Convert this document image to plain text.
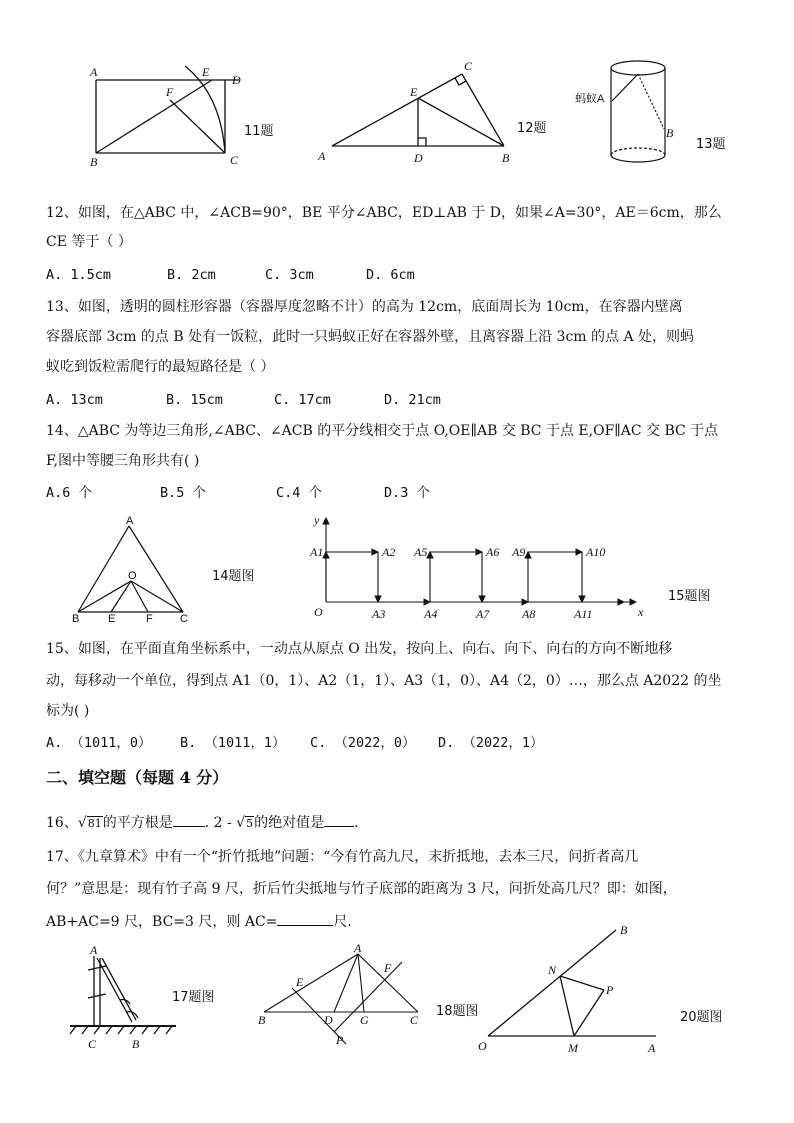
A	E
D
F
B	C
11题
C
E
A	D	B
12题
蚂蚁A
B
13题
12、如图，在△ABC 中，∠ACB=90°，BE 平分∠ABC，ED⊥AB 于 D，如果∠A=30°，AE＝6cm，那么
CE 等于（ ）
A. 1.5cm	B. 2cm	C. 3cm	D. 6cm
13、如图，透明的圆柱形容器（容器厚度忽略不计）的高为 12cm，底面周长为 10cm，在容器内壁离
容器底部 3cm 的点 B 处有一饭粒，此时一只蚂蚁正好在容器外壁，且离容器上沿 3cm 的点 A 处，则蚂
蚁吃到饭粒需爬行的最短路径是（ ）
A. 13cm	B. 15cm	C. 17cm	D. 21cm
14、△ABC 为等边三角形,∠ABC、∠ACB 的平分线相交于点 O,OE∥AB 交 BC 于点 E,OF∥AC 交 BC 于点
F,图中等腰三角形共有( )
A.6 个	B.5 个	C.4 个	D.3 个
A
O
B	E	F C
14题图
y
x
O
A1	A2
A3	A4
A5	A6
A7	A8
A9	A10
A11
15题图
15、如图，在平面直角坐标系中，一动点从原点 O 出发，按向上、向右、向下、向右的方向不断地移
动，每移动一个单位，得到点 A1（0，1）、A2（1，1）、A3（1，0）、A4（2，0）…，那么点 A2022 的坐
标为( )
A. （1011，0） B. （1011，1） C. （2022，0） D. （2022，1）
二、填空题（每题 4 分）
16、√81的平方根是 . 2 - √5的绝对值是 .
17、《九章算术》中有一个“折竹抵地”问题：“今有竹高九尺，末折抵地，去本三尺，问折者高几
何？”意思是：现有竹子高 9 尺，折后竹尖抵地与竹子底部的距离为 3 尺，问折处高几尺？即：如图，
AB+AC=9 尺，BC=3 尺，则 AC=	尺.
A
C	B
17题图
A
E
F
B	D G	C
P
18题图
B
N
P
O	M	A
20题图
